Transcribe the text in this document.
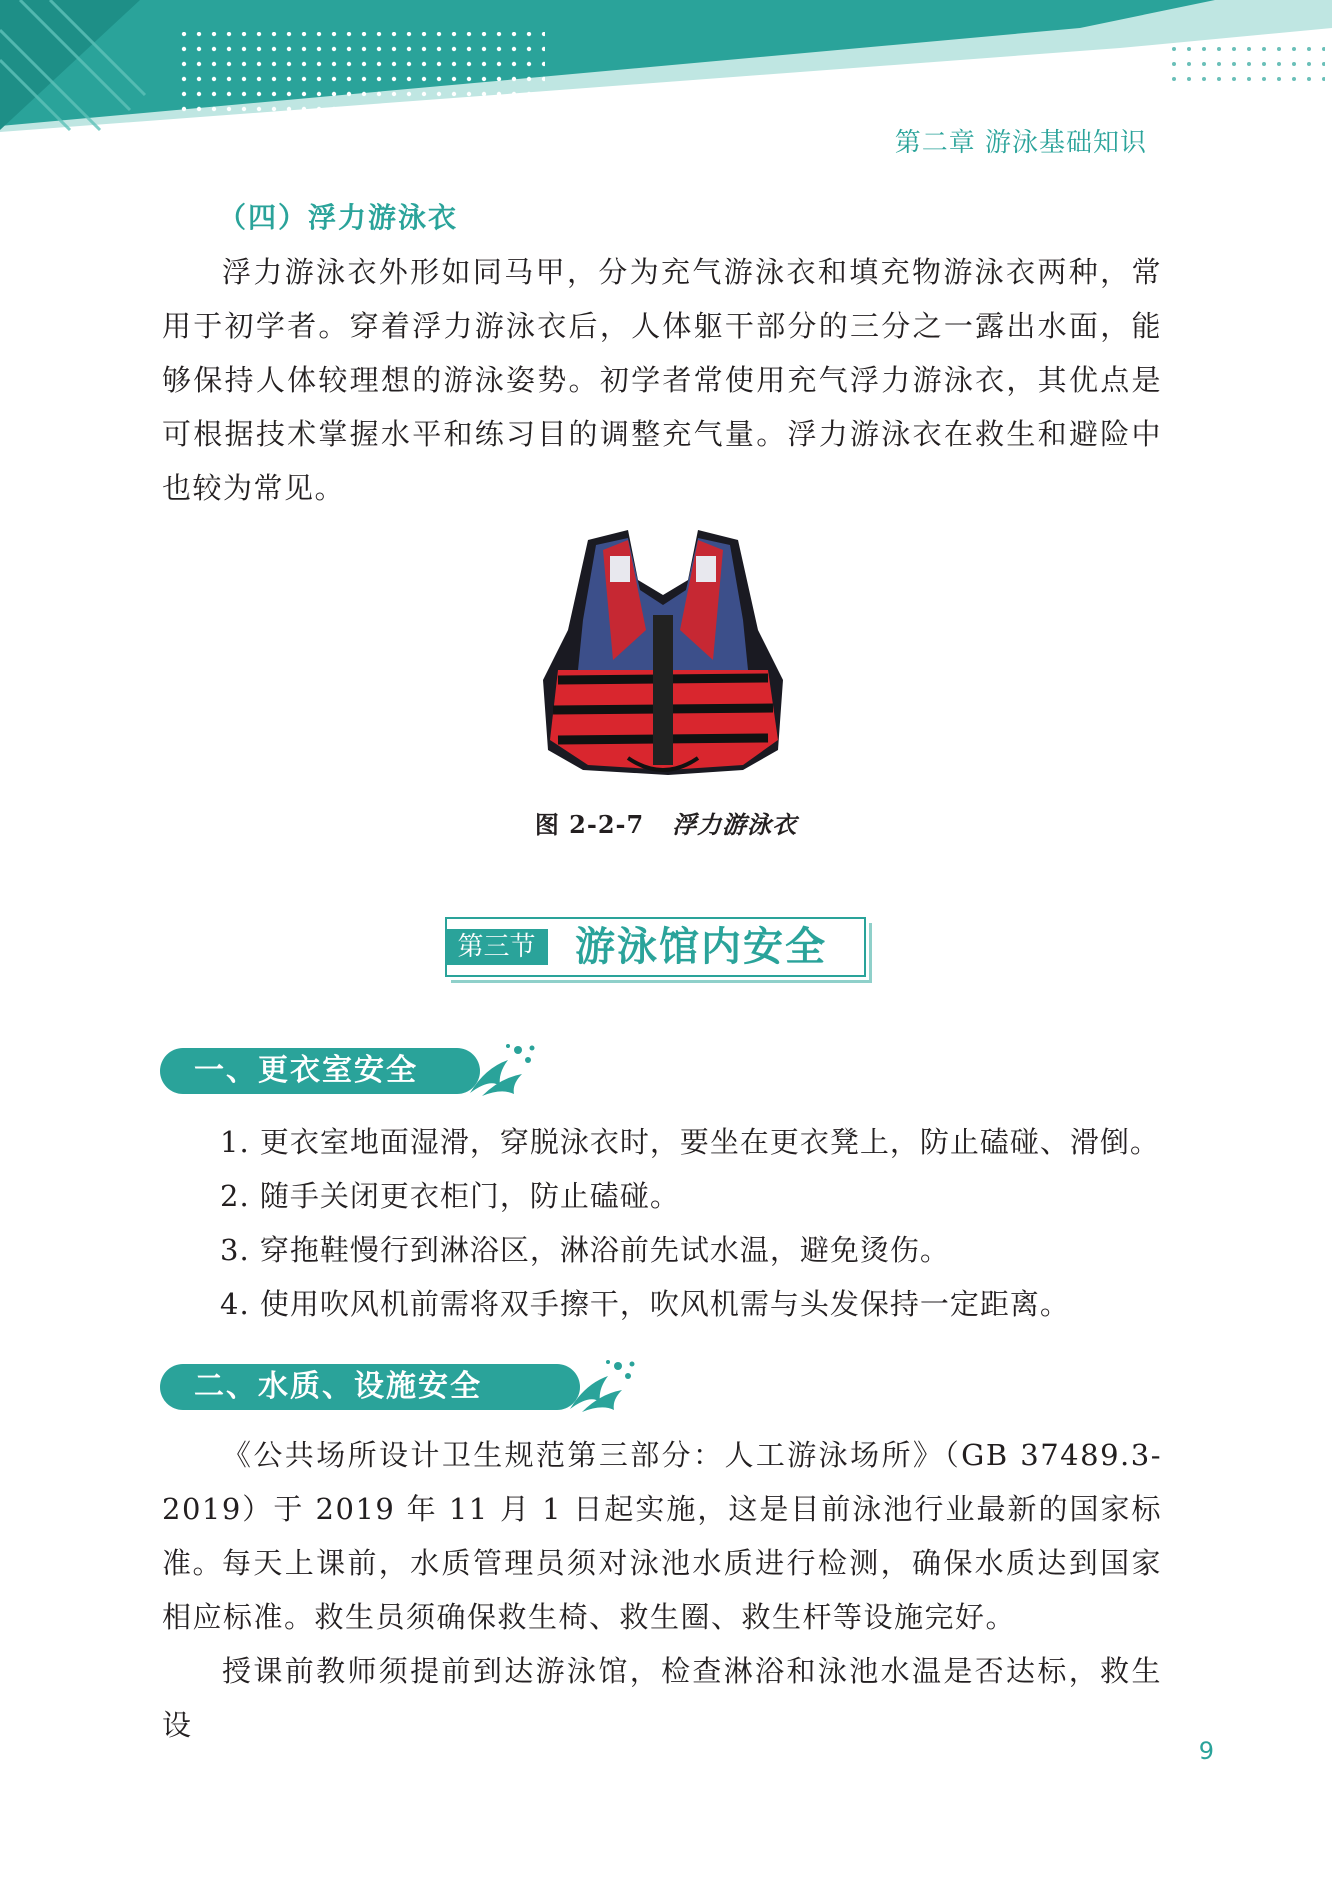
第二章 游泳基础知识
（四）浮力游泳衣

浮力游泳衣外形如同马甲，分为充气游泳衣和填充物游泳衣两种，常用于初学者。穿着浮力游泳衣后，人体躯干部分的三分之一露出水面，能够保持人体较理想的游泳姿势。初学者常使用充气浮力游泳衣，其优点是可根据技术掌握水平和练习目的调整充气量。浮力游泳衣在救生和避险中也较为常见。

图 2-2-7 浮力游泳衣
第三节 游泳馆内安全
一、更衣室安全
1. 更衣室地面湿滑，穿脱泳衣时，要坐在更衣凳上，防止磕碰、滑倒。
2. 随手关闭更衣柜门，防止磕碰。
3. 穿拖鞋慢行到淋浴区，淋浴前先试水温，避免烫伤。
4. 使用吹风机前需将双手擦干，吹风机需与头发保持一定距离。
二、水质、设施安全

《公共场所设计卫生规范第三部分：人工游泳场所》（GB 37489.3-2019）于 2019 年 11 月 1 日起实施，这是目前泳池行业最新的国家标准。

每天上课前，水质管理员须对泳池水质进行检测，确保水质达到国家相应标准。救生员须确保救生椅、救生圈、救生杆等设施完好。

授课前教师须提前到达游泳馆，检查淋浴和泳池水温是否达标，救生设

9
